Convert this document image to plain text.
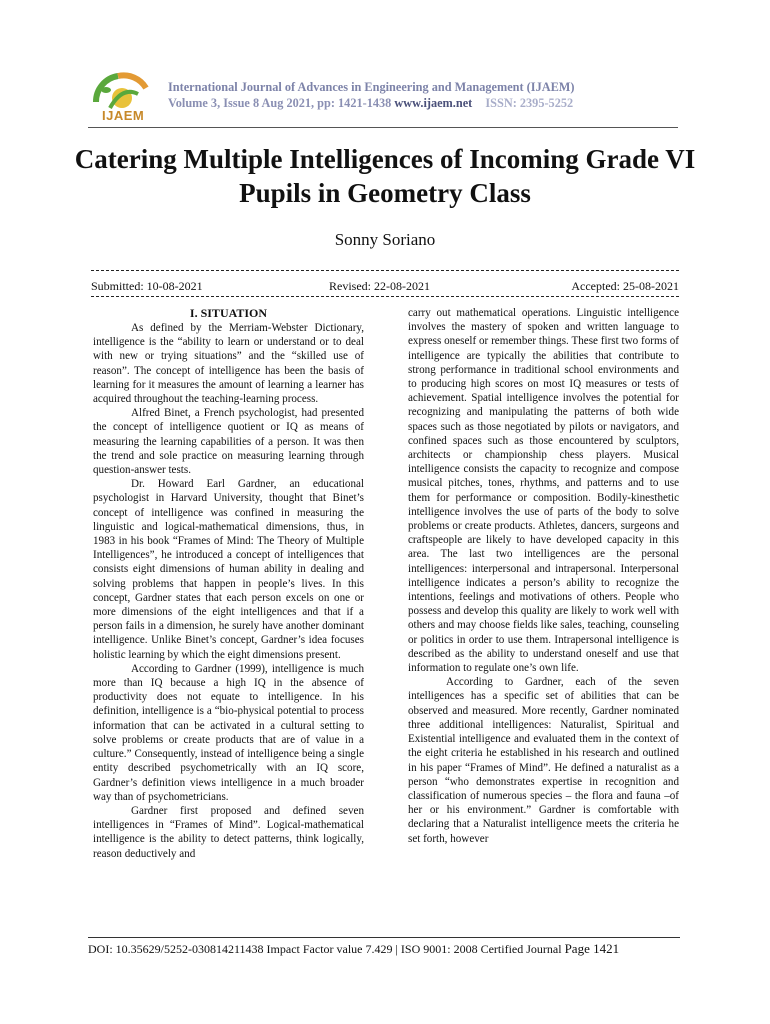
IJAEM
International Journal of Advances in Engineering and Management (IJAEM)
Volume 3, Issue 8 Aug 2021, pp: 1421-1438 www.ijaem.net ISSN: 2395-5252
Catering Multiple Intelligences of Incoming Grade VI Pupils in Geometry Class
Sonny Soriano
Submitted: 10-08-2021	Revised: 22-08-2021	Accepted: 25-08-2021
I. SITUATION

As defined by the Merriam-Webster Dictionary, intelligence is the “ability to learn or understand or to deal with new or trying situations” and the “skilled use of reason”. The concept of intelligence has been the basis of learning for it measures the amount of learning a learner has acquired throughout the teaching-learning process.

Alfred Binet, a French psychologist, had presented the concept of intelligence quotient or IQ as means of measuring the learning capabilities of a person. It was then the trend and sole practice on measuring learning through question-answer tests.

Dr. Howard Earl Gardner, an educational psychologist in Harvard University, thought that Binet’s concept of intelligence was confined in measuring the linguistic and logical-mathematical dimensions, thus, in 1983 in his book “Frames of Mind: The Theory of Multiple Intelligences”, he introduced a concept of intelligences that consists eight dimensions of human ability in dealing and solving problems that happen in people’s lives. In this concept, Gardner states that each person excels on one or more dimensions of the eight intelligences and that if a person fails in a dimension, he surely have another dominant intelligence. Unlike Binet’s concept, Gardner’s idea focuses holistic learning by which the eight dimensions present.

According to Gardner (1999), intelligence is much more than IQ because a high IQ in the absence of productivity does not equate to intelligence. In his definition, intelligence is a “bio-physical potential to process information that can be activated in a cultural setting to solve problems or create products that are of value in a culture.” Consequently, instead of intelligence being a single entity described psychometrically with an IQ score, Gardner’s definition views intelligence in a much broader way than of psychometricians.

Gardner first proposed and defined seven intelligences in “Frames of Mind”. Logical-mathematical intelligence is the ability to detect patterns, think logically, reason deductively and

carry out mathematical operations. Linguistic intelligence involves the mastery of spoken and written language to express oneself or remember things. These first two forms of intelligence are typically the abilities that contribute to strong performance in traditional school environments and to producing high scores on most IQ measures or tests of achievement. Spatial intelligence involves the potential for recognizing and manipulating the patterns of both wide spaces such as those negotiated by pilots or navigators, and confined spaces such as those encountered by sculptors, architects or championship chess players. Musical intelligence consists the capacity to recognize and compose musical pitches, tones, rhythms, and patterns and to use them for performance or composition. Bodily-kinesthetic intelligence involves the use of parts of the body to solve problems or create products. Athletes, dancers, surgeons and craftspeople are likely to have developed capacity in this area. The last two intelligences are the personal intelligences: interpersonal and intrapersonal. Interpersonal intelligence indicates a person’s ability to recognize the intentions, feelings and motivations of others. People who possess and develop this quality are likely to work well with others and may choose fields like sales, teaching, counseling or politics in order to use them. Intrapersonal intelligence is described as the ability to understand oneself and use that information to regulate one’s own life.

According to Gardner, each of the seven intelligences has a specific set of abilities that can be observed and measured. More recently, Gardner nominated three additional intelligences: Naturalist, Spiritual and Existential intelligence and evaluated them in the context of the eight criteria he established in his research and outlined in his paper “Frames of Mind”. He defined a naturalist as a person “who demonstrates expertise in recognition and classification of numerous species – the flora and fauna –of her or his environment.” Gardner is comfortable with declaring that a Naturalist intelligence meets the criteria he set forth, however

DOI: 10.35629/5252-030814211438 Impact Factor value 7.429 | ISO 9001: 2008 Certified Journal Page 1421
